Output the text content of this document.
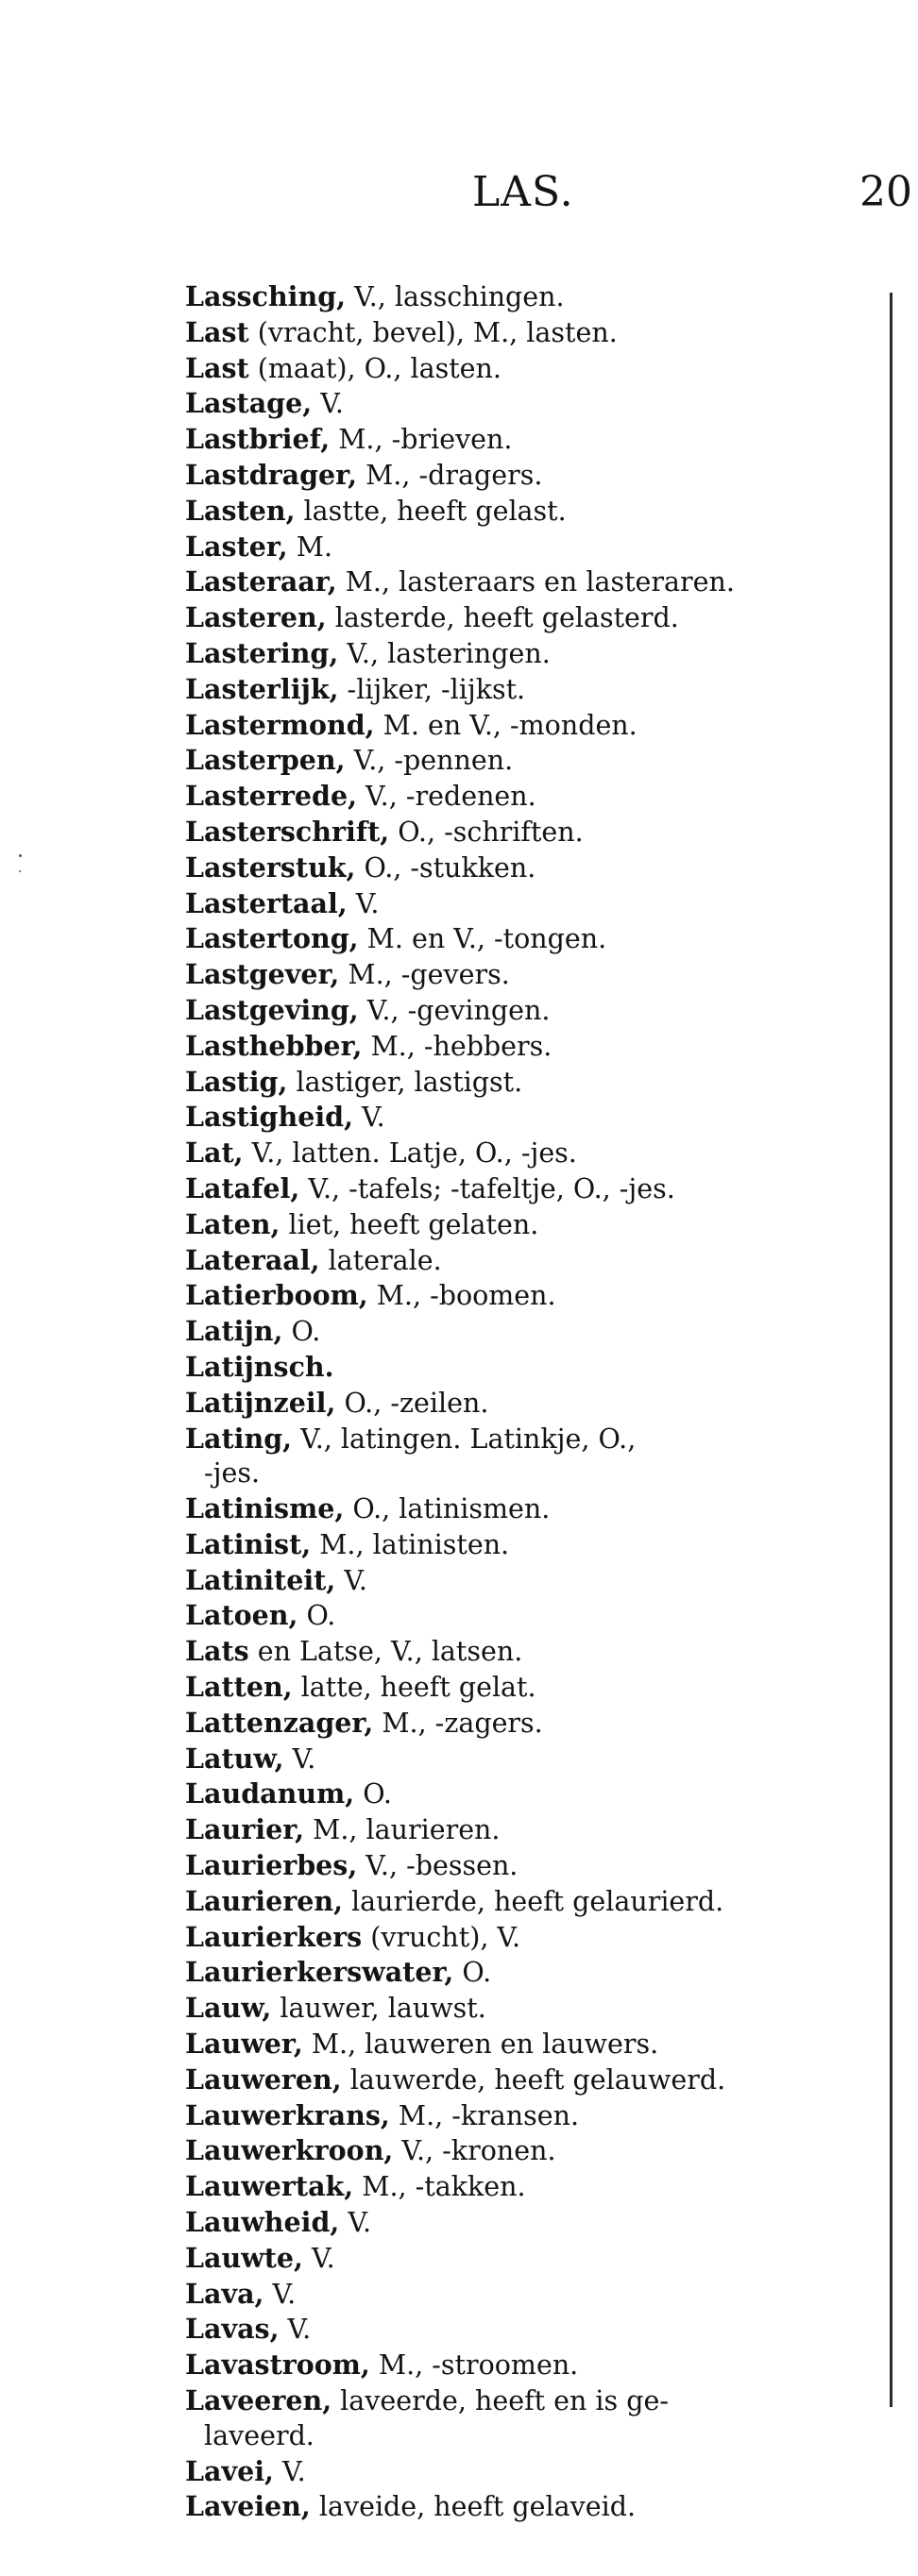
LAS.	20
Lassching, V., lasschingen.
Last (vracht, bevel), M., lasten.
Last (maat), O., lasten.
Lastage, V.
Lastbrief, M., -brieven.
Lastdrager, M., -dragers.
Lasten, lastte, heeft gelast.
Laster, M.
Lasteraar, M., lasteraars en lasteraren.
Lasteren, lasterde, heeft gelasterd.
Lastering, V., lasteringen.
Lasterlijk, -lijker, -lijkst.
Lastermond, M. en V., -monden.
Lasterpen, V., -pennen.
Lasterrede, V., -redenen.
Lasterschrift, O., -schriften.
Lasterstuk, O., -stukken.
Lastertaal, V.
Lastertong, M. en V., -tongen.
Lastgever, M., -gevers.
Lastgeving, V., -gevingen.
Lasthebber, M., -hebbers.
Lastig, lastiger, lastigst.
Lastigheid, V.
Lat, V., latten. Latje, O., -jes.
Latafel, V., -tafels; -tafeltje, O., -jes.
Laten, liet, heeft gelaten.
Lateraal, laterale.
Latierboom, M., -boomen.
Latijn, O.
Latijnsch.
Latijnzeil, O., -zeilen.
Lating, V., latingen. Latinkje, O.,
-jes.
Latinisme, O., latinismen.
Latinist, M., latinisten.
Latiniteit, V.
Latoen, O.
Lats en Latse, V., latsen.
Latten, latte, heeft gelat.
Lattenzager, M., -zagers.
Latuw, V.
Laudanum, O.
Laurier, M., laurieren.
Laurierbes, V., -bessen.
Laurieren, laurierde, heeft gelaurierd.
Laurierkers (vrucht), V.
Laurierkerswater, O.
Lauw, lauwer, lauwst.
Lauwer, M., lauweren en lauwers.
Lauweren, lauwerde, heeft gelauwerd.
Lauwerkrans, M., -kransen.
Lauwerkroon, V., -kronen.
Lauwertak, M., -takken.
Lauwheid, V.
Lauwte, V.
Lava, V.
Lavas, V.
Lavastroom, M., -stroomen.
Laveeren, laveerde, heeft en is ge-
laveerd.
Lavei, V.
Laveien, laveide, heeft gelaveid.
